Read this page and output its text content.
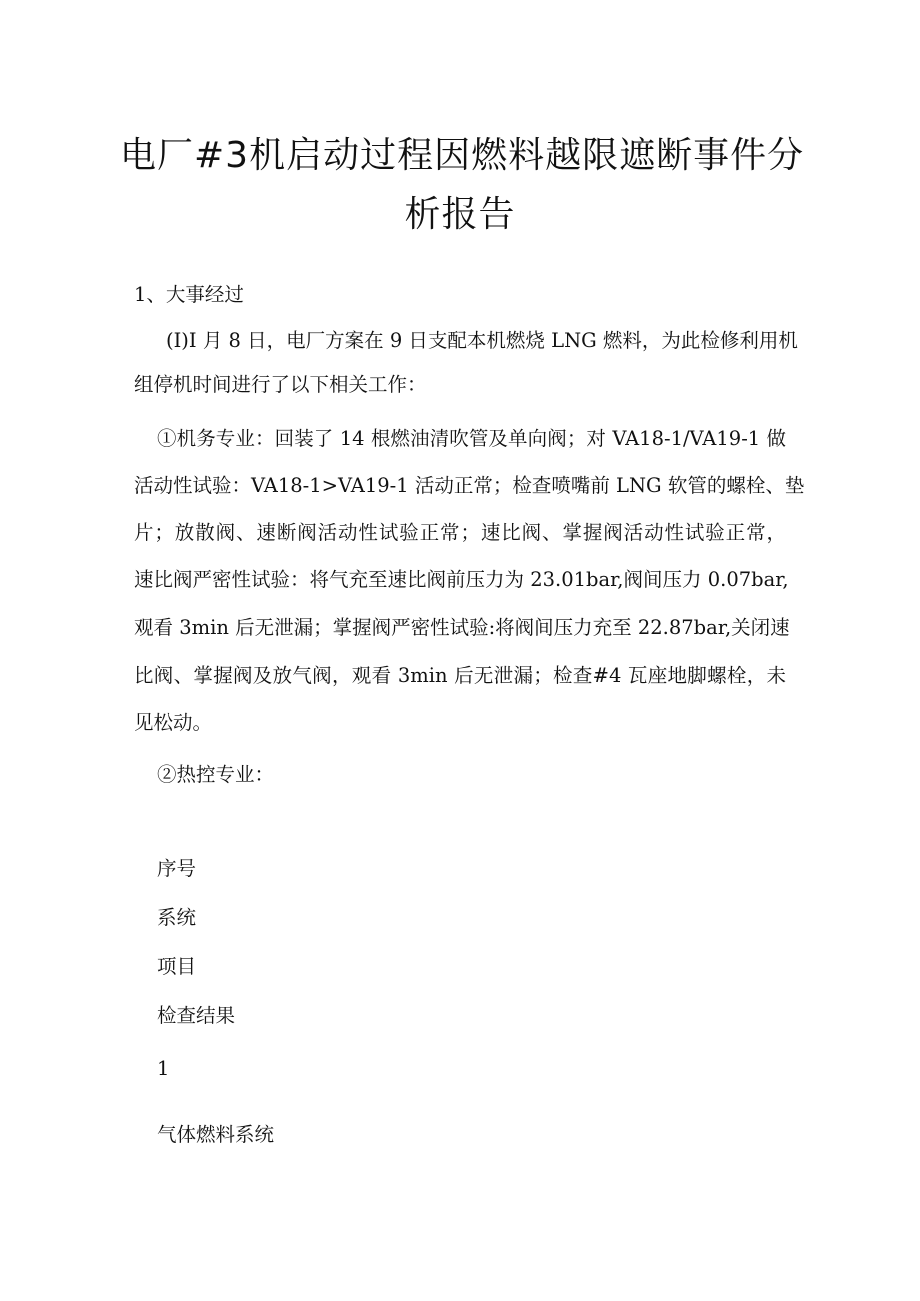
电厂#3机启动过程因燃料越限遮断事件分
析报告
1、大事经过
(I)I 月 8 日，电厂方案在 9 日支配本机燃烧 LNG 燃料，为此检修利用机
组停机时间进行了以下相关工作：
①机务专业：回装了 14 根燃油清吹管及单向阀；对 VA18-1/VA19-1 做
活动性试验：VA18-1>VA19-1 活动正常；检查喷嘴前 LNG 软管的螺栓、垫
片；放散阀、速断阀活动性试验正常；速比阀、掌握阀活动性试验正常，
速比阀严密性试验：将气充至速比阀前压力为 23.01bar,阀间压力 0.07bar,
观看 3min 后无泄漏；掌握阀严密性试验:将阀间压力充至 22.87bar,关闭速
比阀、掌握阀及放气阀，观看 3min 后无泄漏；检查#4 瓦座地脚螺栓，未
见松动。
②热控专业：
序号
系统
项目
检查结果
1
气体燃料系统
